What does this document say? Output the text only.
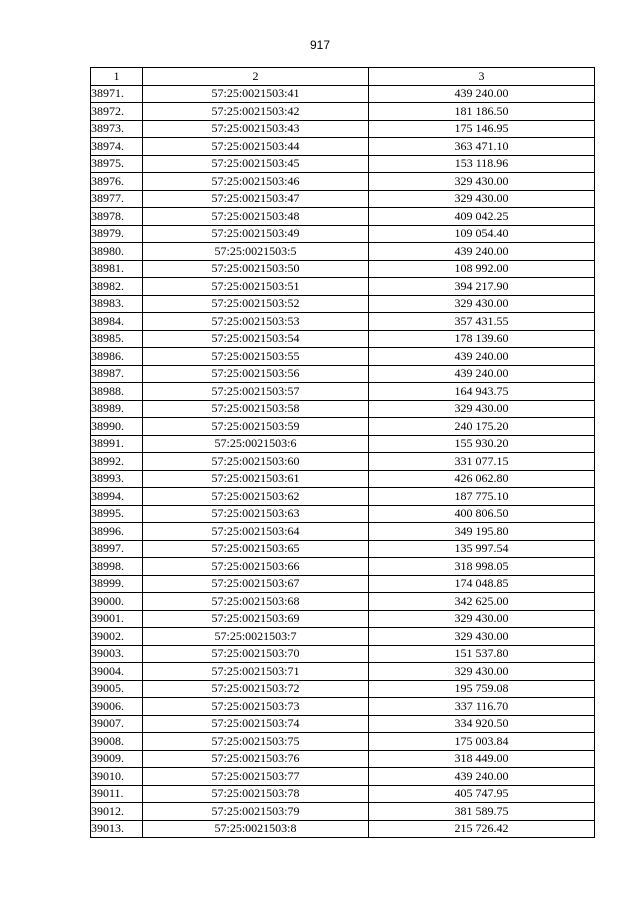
917
1	2	3
38971.	57:25:0021503:41	439 240.00
38972.	57:25:0021503:42	181 186.50
38973.	57:25:0021503:43	175 146.95
38974.	57:25:0021503:44	363 471.10
38975.	57:25:0021503:45	153 118.96
38976.	57:25:0021503:46	329 430.00
38977.	57:25:0021503:47	329 430.00
38978.	57:25:0021503:48	409 042.25
38979.	57:25:0021503:49	109 054.40
38980.	57:25:0021503:5	439 240.00
38981.	57:25:0021503:50	108 992.00
38982.	57:25:0021503:51	394 217.90
38983.	57:25:0021503:52	329 430.00
38984.	57:25:0021503:53	357 431.55
38985.	57:25:0021503:54	178 139.60
38986.	57:25:0021503:55	439 240.00
38987.	57:25:0021503:56	439 240.00
38988.	57:25:0021503:57	164 943.75
38989.	57:25:0021503:58	329 430.00
38990.	57:25:0021503:59	240 175.20
38991.	57:25:0021503:6	155 930.20
38992.	57:25:0021503:60	331 077.15
38993.	57:25:0021503:61	426 062.80
38994.	57:25:0021503:62	187 775.10
38995.	57:25:0021503:63	400 806.50
38996.	57:25:0021503:64	349 195.80
38997.	57:25:0021503:65	135 997.54
38998.	57:25:0021503:66	318 998.05
38999.	57:25:0021503:67	174 048.85
39000.	57:25:0021503:68	342 625.00
39001.	57:25:0021503:69	329 430.00
39002.	57:25:0021503:7	329 430.00
39003.	57:25:0021503:70	151 537.80
39004.	57:25:0021503:71	329 430.00
39005.	57:25:0021503:72	195 759.08
39006.	57:25:0021503:73	337 116.70
39007.	57:25:0021503:74	334 920.50
39008.	57:25:0021503:75	175 003.84
39009.	57:25:0021503:76	318 449.00
39010.	57:25:0021503:77	439 240.00
39011.	57:25:0021503:78	405 747.95
39012.	57:25:0021503:79	381 589.75
39013.	57:25:0021503:8	215 726.42
